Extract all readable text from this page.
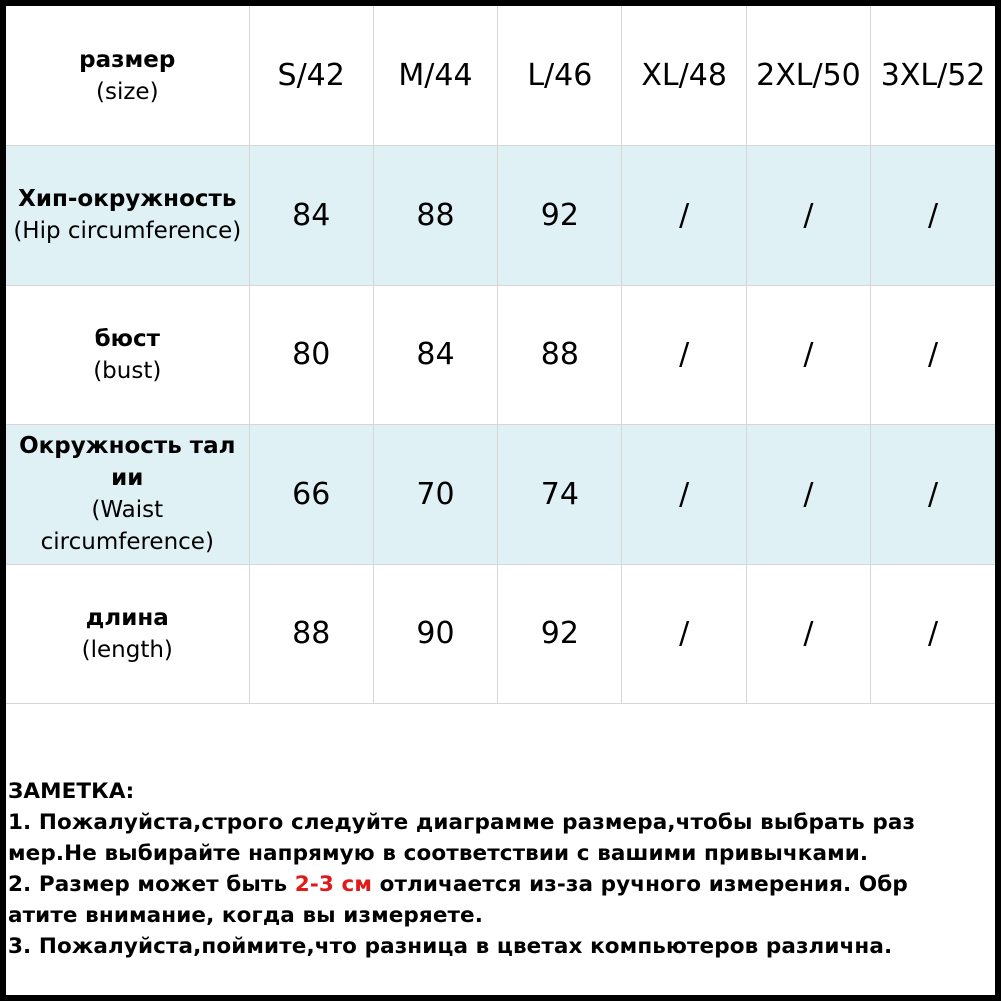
размер
(size)	S/42	M/44	L/46	XL/48	2XL/50	3XL/52

Хип-окружность
(Hip circumference)	84	88	92	/	/	/

бюст
(bust)	80	84	88	/	/	/

Окружность тал
ии
(Waist
circumference)	66	70	74	/	/	/

длина
(length)	88	90	92	/	/	/
ЗАМЕТКА:
1. Пожалуйста,строго следуйте диаграмме размера,чтобы выбрать раз
мер.Не выбирайте напрямую в соответствии с вашими привычками.
2. Размер может быть 2-3 см отличается из-за ручного измерения. Обр
атите внимание, когда вы измеряете.
3. Пожалуйста,поймите,что разница в цветах компьютеров различна.
